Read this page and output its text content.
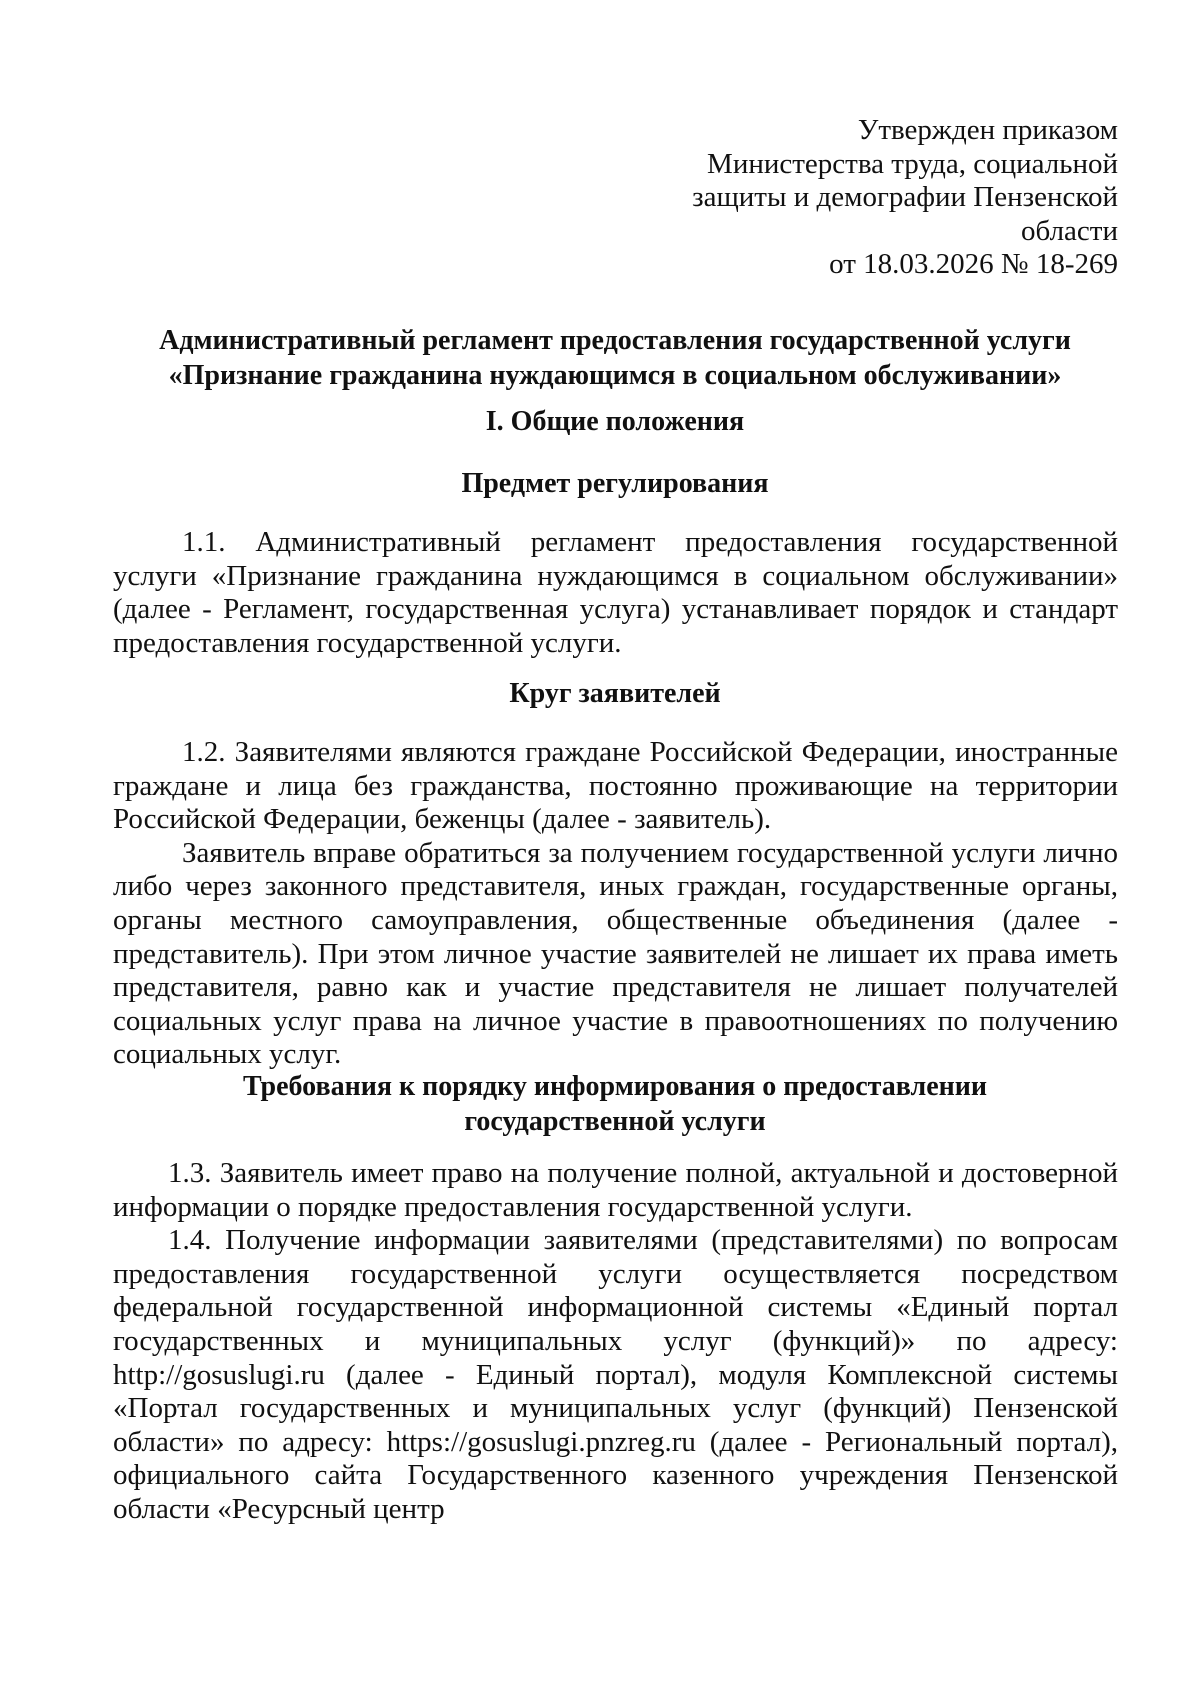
Утвержден приказом
Министерства труда, социальной
защиты и демографии Пензенской
области
от 18.03.2026 № 18-269
Административный регламент предоставления государственной услуги
«Признание гражданина нуждающимся в социальном обслуживании»
I. Общие положения
Предмет регулирования

1.1. Административный регламент предоставления государственной услуги «Признание гражданина нуждающимся в социальном обслуживании» (далее - Регламент, государственная услуга) устанавливает порядок и стандарт предоставления государственной услуги.

Круг заявителей

1.2. Заявителями являются граждане Российской Федерации, иностранные граждане и лица без гражданства, постоянно проживающие на территории Российской Федерации, беженцы (далее - заявитель).

Заявитель вправе обратиться за получением государственной услуги лично либо через законного представителя, иных граждан, государственные органы, органы местного самоуправления, общественные объединения (далее - представитель). При этом личное участие заявителей не лишает их права иметь представителя, равно как и участие представителя не лишает получателей социальных услуг права на личное участие в правоотношениях по получению социальных услуг.

Требования к порядку информирования о предоставлении
государственной услуги

1.3. Заявитель имеет право на получение полной, актуальной и достоверной информации о порядке предоставления государственной услуги.

1.4. Получение информации заявителями (представителями) по вопросам предоставления государственной услуги осуществляется посредством федеральной государственной информационной системы «Единый портал государственных и муниципальных услуг (функций)» по адресу: http://gosuslugi.ru (далее - Единый портал), модуля Комплексной системы «Портал государственных и муниципальных услуг (функций) Пензенской области» по адресу: https://gosuslugi.pnzreg.ru (далее - Региональный портал), официального сайта Государственного казенного учреждения Пензенской области «Ресурсный центр
